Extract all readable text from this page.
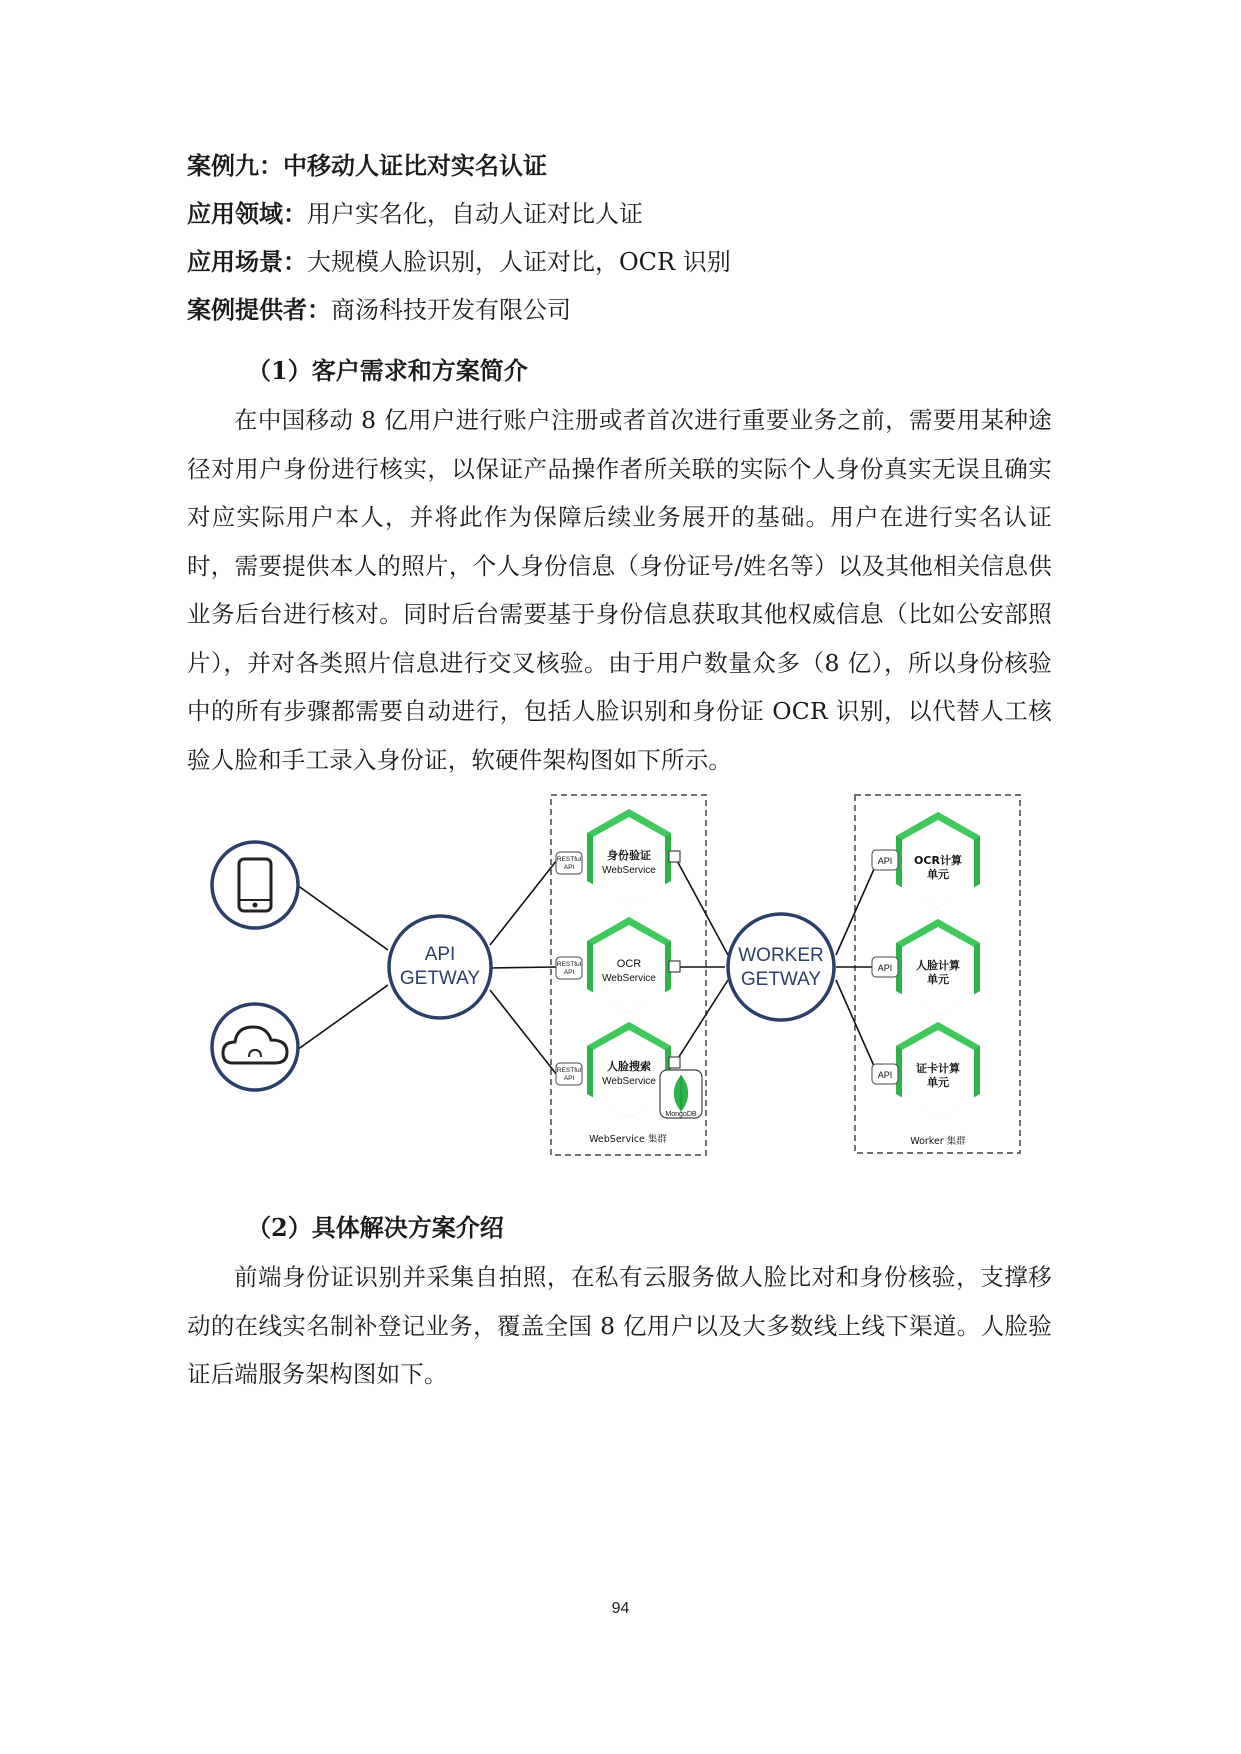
案例九：中移动人证比对实名认证
应用领域：用户实名化，自动人证对比人证
应用场景：大规模人脸识别，人证对比，OCR 识别
案例提供者：商汤科技开发有限公司
（1）客户需求和方案简介
在中国移动 8 亿用户进行账户注册或者首次进行重要业务之前，需要用某种途径对用户身份进行核实，以保证产品操作者所关联的实际个人身份真实无误且确实对应实际用户本人，并将此作为保障后续业务展开的基础。用户在进行实名认证时，需要提供本人的照片，个人身份信息（身份证号/姓名等）以及其他相关信息供业务后台进行核对。同时后台需要基于身份信息获取其他权威信息（比如公安部照片），并对各类照片信息进行交叉核验。由于用户数量众多（8 亿），所以身份核验中的所有步骤都需要自动进行，包括人脸识别和身份证 OCR 识别，以代替人工核验人脸和手工录入身份证，软硬件架构图如下所示。
API
GETWAY
WORKER
GETWAY
身份验证
WebService
OCR
WebService
人脸搜索
WebService
RESTful
API
RESTful
API
RESTful
API
MongoDB
WebService 集群
OCR计算
单元
人脸计算
单元
证卡计算
单元
API
API
API
Worker 集群
（2）具体解决方案介绍
前端身份证识别并采集自拍照，在私有云服务做人脸比对和身份核验，支撑移动的在线实名制补登记业务，覆盖全国 8 亿用户以及大多数线上线下渠道。人脸验证后端服务架构图如下。
94
